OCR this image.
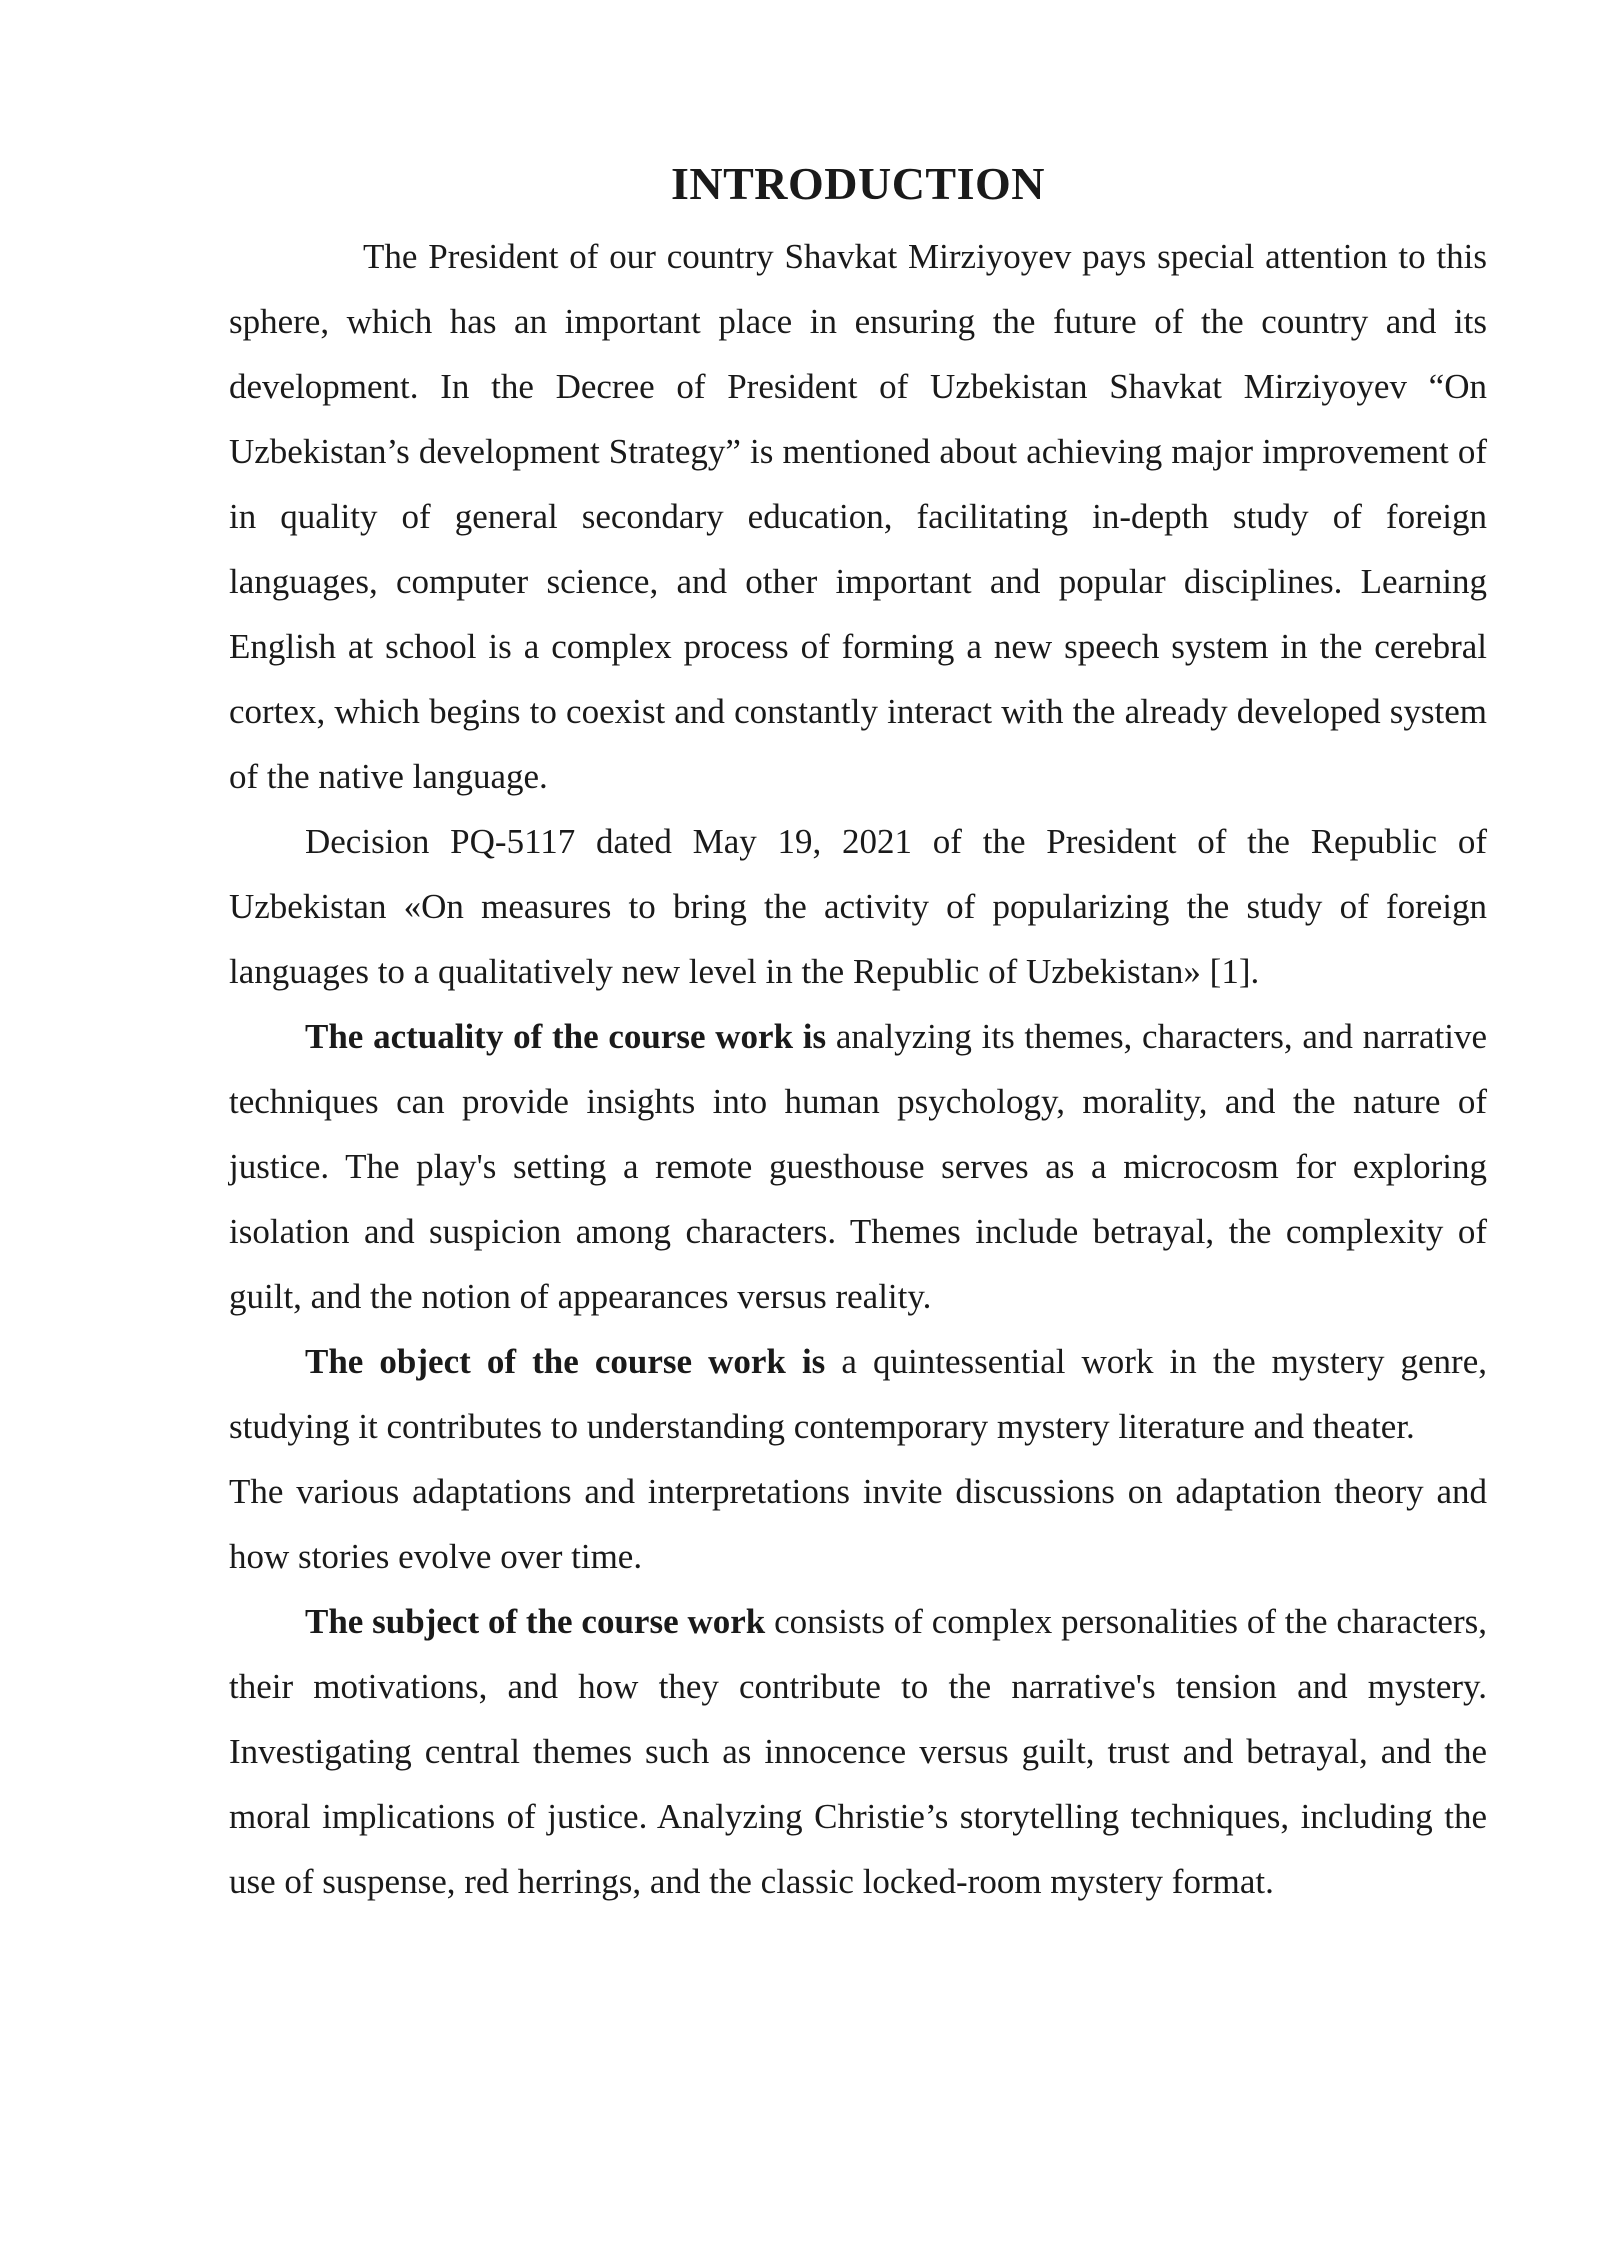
INTRODUCTION

The President of our country Shavkat Mirziyoyev pays special attention to this sphere, which has an important place in ensuring the future of the country and its development. In the Decree of President of Uzbekistan Shavkat Mirziyoyev “On Uzbekistan’s development Strategy” is mentioned about achieving major improvement of in quality of general secondary education, facilitating in-depth study of foreign languages, computer science, and other important and popular disciplines. Learning English at school is a complex process of forming a new speech system in the cerebral cortex, which begins to coexist and constantly interact with the already developed system of the native language.

Decision PQ-5117 dated May 19, 2021 of the President of the Republic of Uzbekistan «On measures to bring the activity of popularizing the study of foreign languages to a qualitatively new level in the Republic of Uzbekistan» [1].

The actuality of the course work is analyzing its themes, characters, and narrative techniques can provide insights into human psychology, morality, and the nature of justice. The play's setting a remote guesthouse serves as a microcosm for exploring isolation and suspicion among characters. Themes include betrayal, the complexity of guilt, and the notion of appearances versus reality.

The object of the course work is a quintessential work in the mystery genre, studying it contributes to understanding contemporary mystery literature and theater.

The various adaptations and interpretations invite discussions on adaptation theory and how stories evolve over time.

The subject of the course work consists of complex personalities of the characters, their motivations, and how they contribute to the narrative's tension and mystery. Investigating central themes such as innocence versus guilt, trust and betrayal, and the moral implications of justice. Analyzing Christie’s storytelling techniques, including the use of suspense, red herrings, and the classic locked-room mystery format.
